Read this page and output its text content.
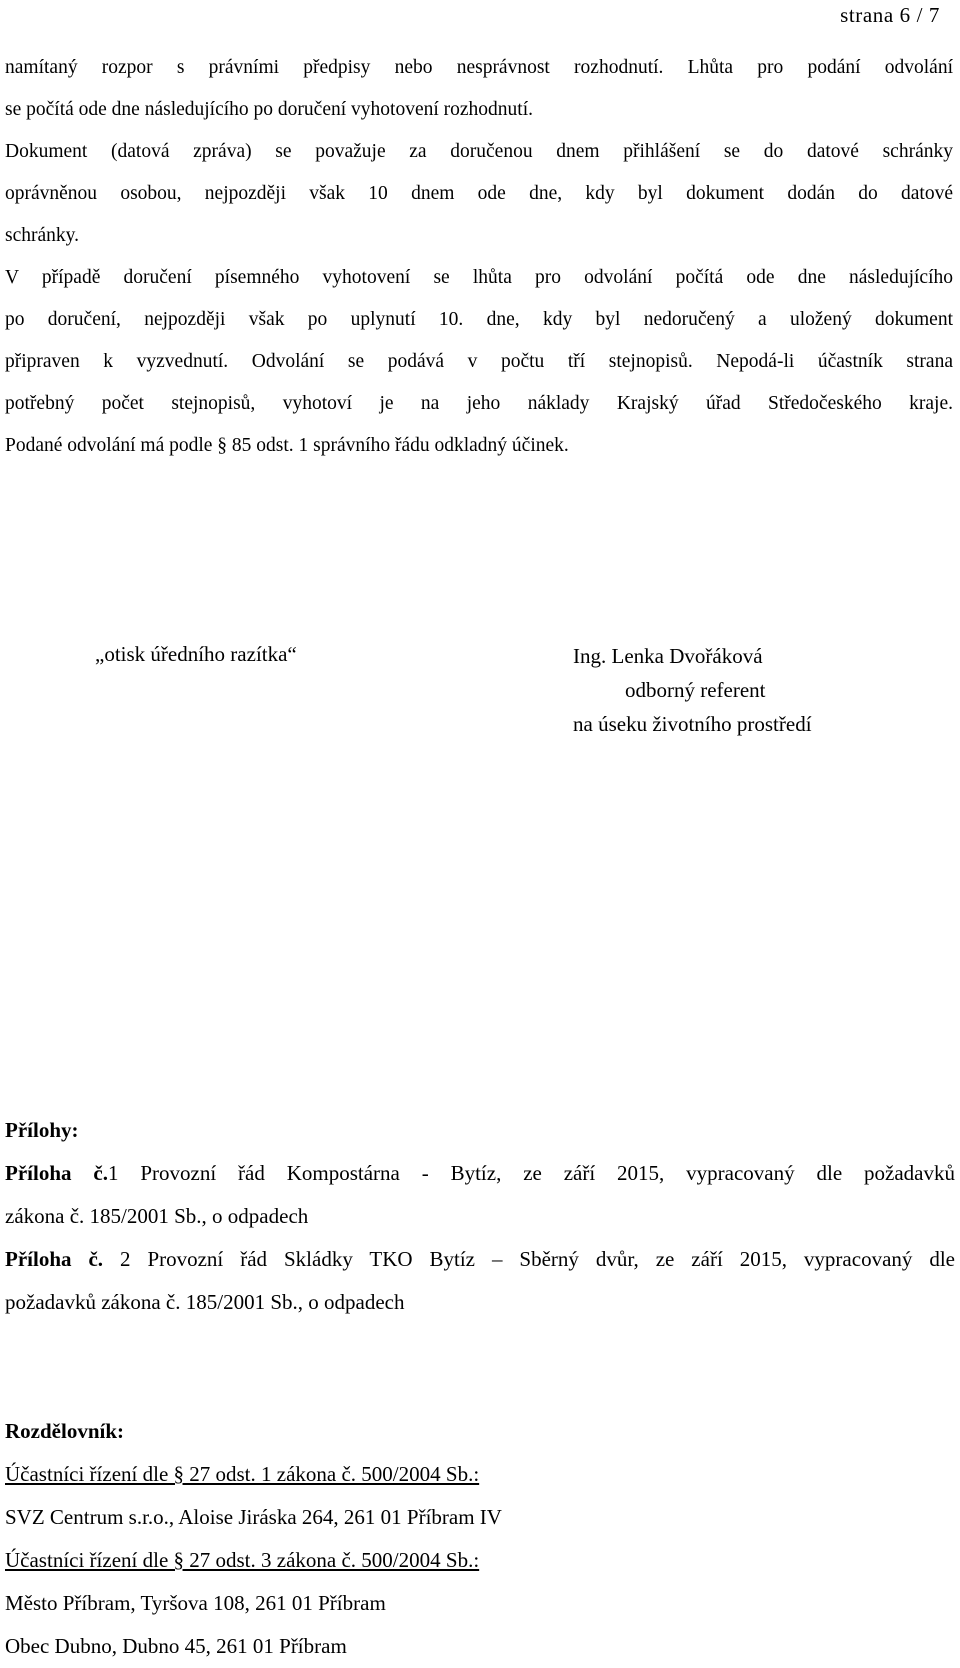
strana 6 / 7
namítaný rozpor s právními předpisy nebo nesprávnost rozhodnutí. Lhůta pro podání odvolání
se počítá ode dne následujícího po doručení vyhotovení rozhodnutí.
Dokument (datová zpráva) se považuje za doručenou dnem přihlášení se do datové schránky
oprávněnou osobou, nejpozději však 10 dnem ode dne, kdy byl dokument dodán do datové
schránky.
V případě doručení písemného vyhotovení se lhůta pro odvolání počítá ode dne následujícího
po doručení, nejpozději však po uplynutí 10. dne, kdy byl nedoručený a uložený dokument
připraven k vyzvednutí. Odvolání se podává v počtu tří stejnopisů. Nepodá-li účastník strana
potřebný počet stejnopisů, vyhotoví je na jeho náklady Krajský úřad Středočeského kraje.
Podané odvolání má podle § 85 odst. 1 správního řádu odkladný účinek.
„otisk úředního razítka“	Ing. Lenka Dvořáková
odborný referent
na úseku životního prostředí
Přílohy:
Příloha č.1 Provozní řád Kompostárna - Bytíz, ze září 2015, vypracovaný dle požadavků
zákona č. 185/2001 Sb., o odpadech
Příloha č. 2 Provozní řád Skládky TKO Bytíz – Sběrný dvůr, ze září 2015, vypracovaný dle
požadavků zákona č. 185/2001 Sb., o odpadech
Rozdělovník:
Účastníci řízení dle § 27 odst. 1 zákona č. 500/2004 Sb.:
SVZ Centrum s.r.o., Aloise Jiráska 264, 261 01 Příbram IV
Účastníci řízení dle § 27 odst. 3 zákona č. 500/2004 Sb.:
Město Příbram, Tyršova 108, 261 01 Příbram
Obec Dubno, Dubno 45, 261 01 Příbram
